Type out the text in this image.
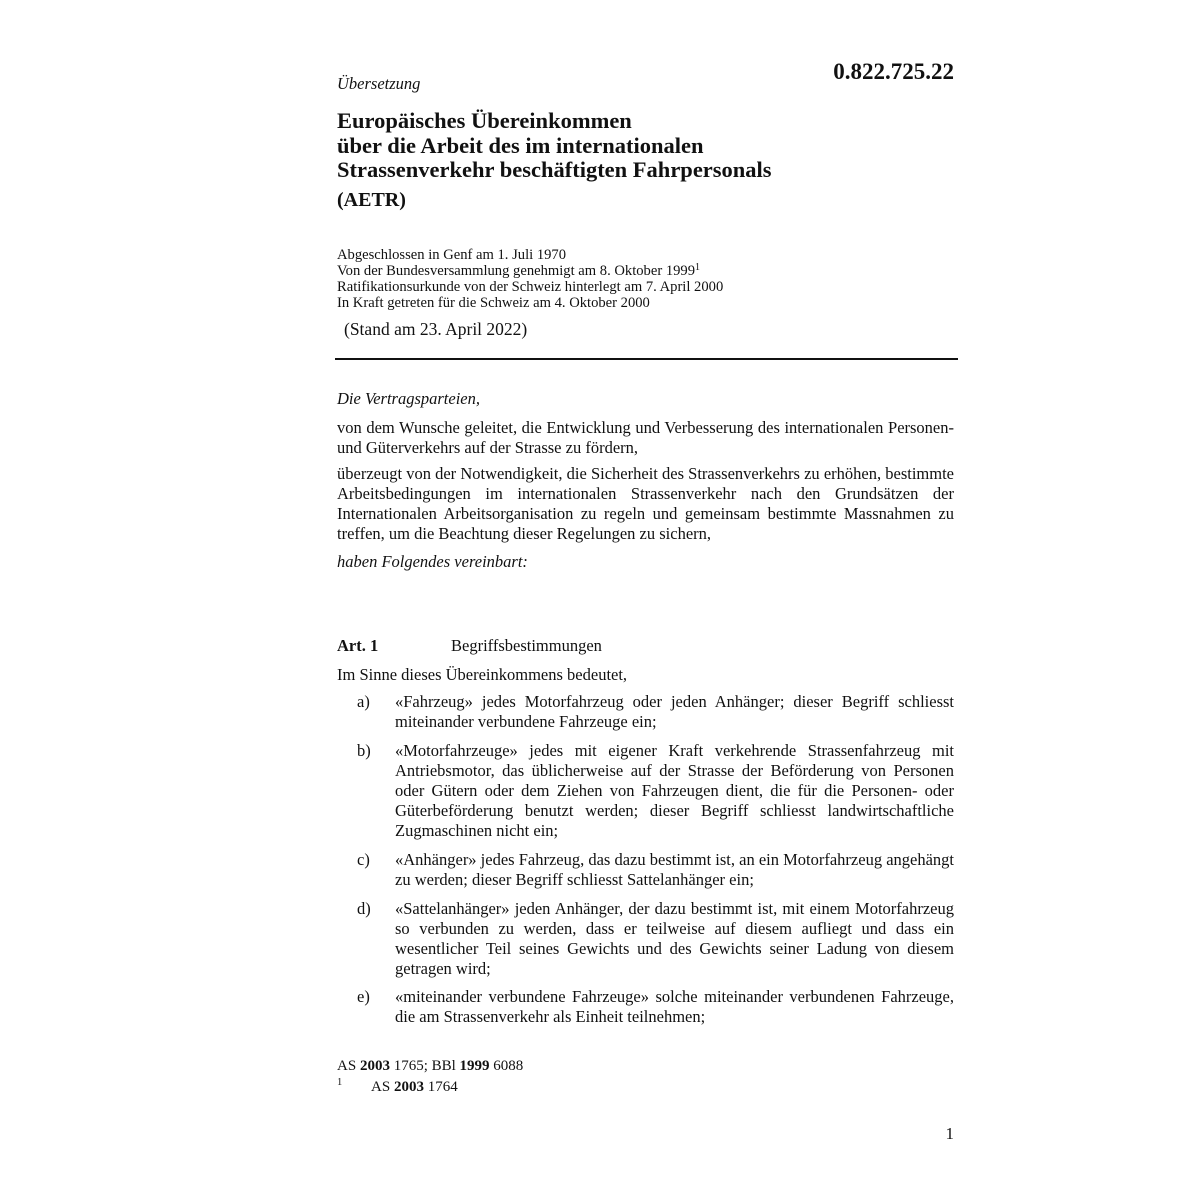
Übersetzung	0.822.725.22
Europäisches Übereinkommen
über die Arbeit des im internationalen
Strassenverkehr beschäftigten Fahrpersonals
(AETR)
Abgeschlossen in Genf am 1. Juli 1970
Von der Bundesversammlung genehmigt am 8. Oktober 1999$^1$
Ratifikationsurkunde von der Schweiz hinterlegt am 7. April 2000
In Kraft getreten für die Schweiz am 4. Oktober 2000
(Stand am 23. April 2022)
Die Vertragsparteien,
von dem Wunsche geleitet, die Entwicklung und Verbesserung des internationalen Personen- und Güterverkehrs auf der Strasse zu fördern,
überzeugt von der Notwendigkeit, die Sicherheit des Strassenverkehrs zu erhöhen, bestimmte Arbeitsbedingungen im internationalen Strassenverkehr nach den Grundsätzen der Internationalen Arbeitsorganisation zu regeln und gemeinsam bestimmte Massnahmen zu treffen, um die Beachtung dieser Regelungen zu sichern,
haben Folgendes vereinbart:
Art. 1	Begriffsbestimmungen
Im Sinne dieses Übereinkommens bedeutet,
a) «Fahrzeug» jedes Motorfahrzeug oder jeden Anhänger; dieser Begriff schliesst miteinander verbundene Fahrzeuge ein;
b) «Motorfahrzeuge» jedes mit eigener Kraft verkehrende Strassenfahrzeug mit Antriebsmotor, das üblicherweise auf der Strasse der Beförderung von Personen oder Gütern oder dem Ziehen von Fahrzeugen dient, die für die Personen- oder Güterbeförderung benutzt werden; dieser Begriff schliesst landwirtschaftliche Zugmaschinen nicht ein;
c) «Anhänger» jedes Fahrzeug, das dazu bestimmt ist, an ein Motorfahrzeug angehängt zu werden; dieser Begriff schliesst Sattelanhänger ein;
d) «Sattelanhänger» jeden Anhänger, der dazu bestimmt ist, mit einem Motorfahrzeug so verbunden zu werden, dass er teilweise auf diesem aufliegt und dass ein wesentlicher Teil seines Gewichts und des Gewichts seiner Ladung von diesem getragen wird;
e) «miteinander verbundene Fahrzeuge» solche miteinander verbundenen Fahrzeuge, die am Strassenverkehr als Einheit teilnehmen;
AS 2003 1765; BBl 1999 6088
1 AS 2003 1764
1
